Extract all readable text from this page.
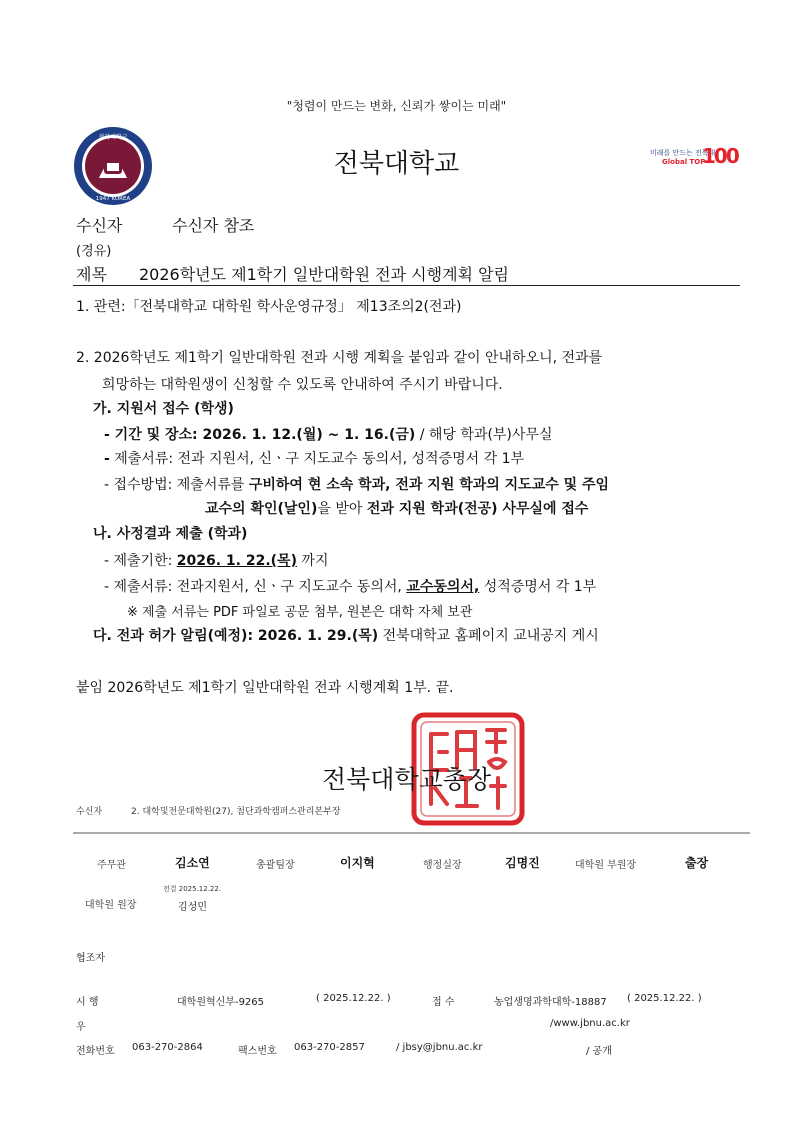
"청렴이 만드는 변화, 신뢰가 쌓이는 미래"
전북대학교
1947 KOREA
전북대학교	미래를 만드는 전북대
Global TOP
100
수신자	수신자 참조
(경유)
제목 2026학년도 제1학기 일반대학원 전과 시행계획 알림
1. 관련:「전북대학교 대학원 학사운영규정」 제13조의2(전과)
2. 2026학년도 제1학기 일반대학원 전과 시행 계획을 붙임과 같이 안내하오니, 전과를
희망하는 대학원생이 신청할 수 있도록 안내하여 주시기 바랍니다.
가. 지원서 접수 (학생)
- 기간 및 장소: 2026. 1. 12.(월) ~ 1. 16.(금) / 해당 학과(부)사무실
- 제출서류: 전과 지원서, 신ㆍ구 지도교수 동의서, 성적증명서 각 1부
- 접수방법: 제출서류를 구비하여 현 소속 학과, 전과 지원 학과의 지도교수 및 주임
교수의 확인(날인)을 받아 전과 지원 학과(전공) 사무실에 접수
나. 사정결과 제출 (학과)
- 제출기한: 2026. 1. 22.(목) 까지
- 제출서류: 전과지원서, 신ㆍ구 지도교수 동의서, 교수동의서, 성적증명서 각 1부
※ 제출 서류는 PDF 파일로 공문 첨부, 원본은 대학 자체 보관
다. 전과 허가 알림(예정): 2026. 1. 29.(목) 전북대학교 홈페이지 교내공지 게시
붙임 2026학년도 제1학기 일반대학원 전과 시행계획 1부. 끝.
전북대학교총장
수신자	2. 대학및전문대학원(27), 첨단과학캠퍼스관리본부장
주무관	김소연	총괄팀장	이지혁	행정실장	김명진	대학원 부원장	출장
전결 2025.12.22.
대학원 원장	김성민
협조자
시 행	대학원혁신부-9265	( 2025.12.22. )	접 수	농업생명과학대학-18887 ( 2025.12.22. )
우	/www.jbnu.ac.kr
전화번호 063-270-2864	팩스번호 063-270-2857	/ jbsy@jbnu.ac.kr	/ 공개
